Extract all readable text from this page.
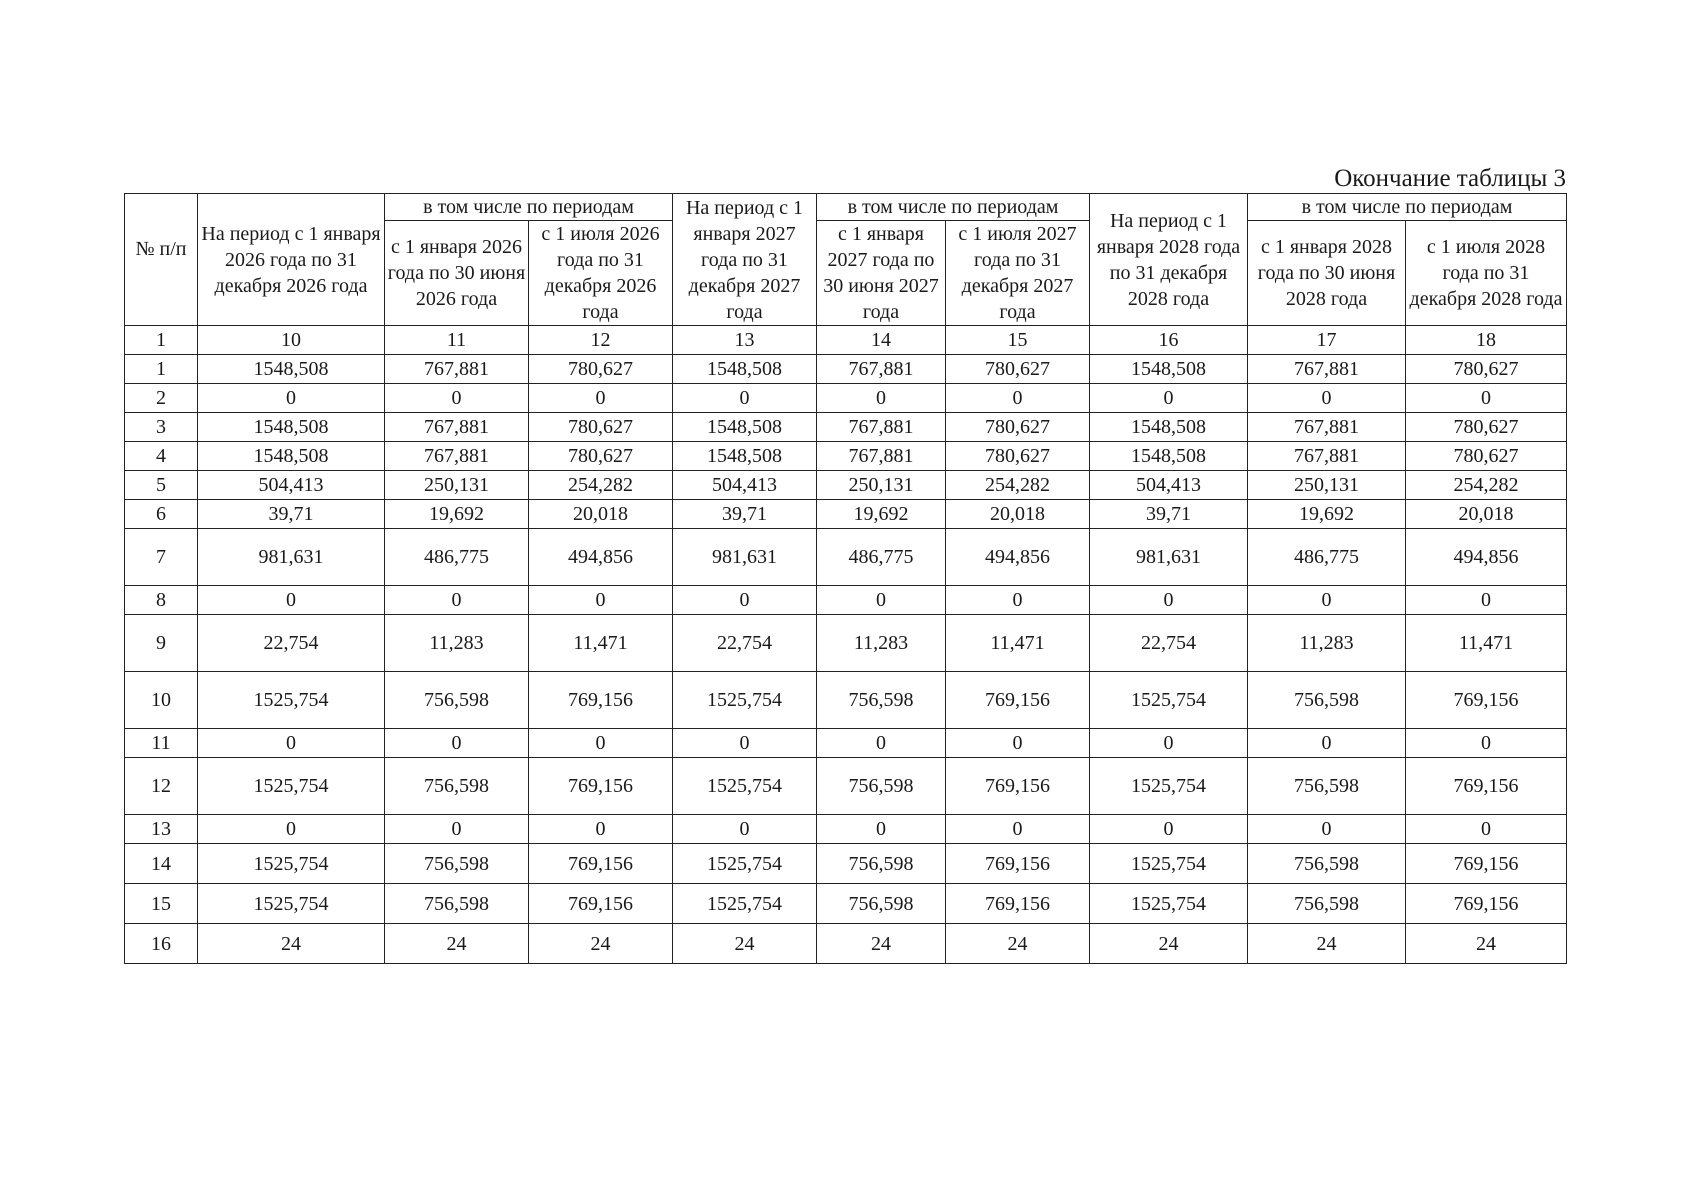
Окончание таблицы 3
№ п/п	На период с 1 января 2026 года по 31 декабря 2026 года	в том числе по периодам		На период с 1 января 2027 года по 31 декабря 2027 года	в том числе по периодам		На период с 1 января 2028 года по 31 декабря 2028 года	в том числе по периодам	
		с 1 января 2026 года по 30 июня 2026 года	с 1 июля 2026 года по 31 декабря 2026 года		с 1 января 2027 года по 30 июня 2027 года	с 1 июля 2027 года по 31 декабря 2027 года		с 1 января 2028 года по 30 июня 2028 года	с 1 июля 2028 года по 31 декабря 2028 года
1	10	11	12	13	14	15	16	17	18
1	1548,508	767,881	780,627	1548,508	767,881	780,627	1548,508	767,881	780,627
2	0	0	0	0	0	0	0	0	0
3	1548,508	767,881	780,627	1548,508	767,881	780,627	1548,508	767,881	780,627
4	1548,508	767,881	780,627	1548,508	767,881	780,627	1548,508	767,881	780,627
5	504,413	250,131	254,282	504,413	250,131	254,282	504,413	250,131	254,282
6	39,71	19,692	20,018	39,71	19,692	20,018	39,71	19,692	20,018
7	981,631	486,775	494,856	981,631	486,775	494,856	981,631	486,775	494,856
8	0	0	0	0	0	0	0	0	0
9	22,754	11,283	11,471	22,754	11,283	11,471	22,754	11,283	11,471
10	1525,754	756,598	769,156	1525,754	756,598	769,156	1525,754	756,598	769,156
11	0	0	0	0	0	0	0	0	0
12	1525,754	756,598	769,156	1525,754	756,598	769,156	1525,754	756,598	769,156
13	0	0	0	0	0	0	0	0	0
14	1525,754	756,598	769,156	1525,754	756,598	769,156	1525,754	756,598	769,156
15	1525,754	756,598	769,156	1525,754	756,598	769,156	1525,754	756,598	769,156
16	24	24	24	24	24	24	24	24	24
